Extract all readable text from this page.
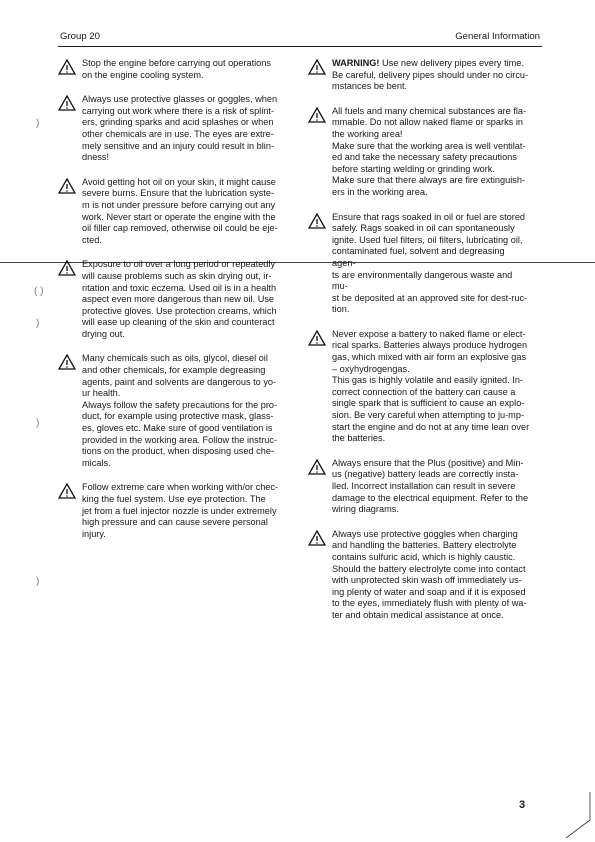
Group 20	General Information
Stop the engine before carrying out operations
on the engine cooling system.
Always use protective glasses or goggles, when
carrying out work where there is a risk of splint-
ers, grinding sparks and acid splashes or when
other chemicals are in use. The eyes are extre-
mely sensitive and an injury could result in blin-
dness!
Avoid getting hot oil on your skin, it might cause
severe burns. Ensure that the lubrication syste-
m is not under pressure before carrying out any
work. Never start or operate the engine with the
oil filler cap removed, otherwise oil could be eje-
cted.
Exposure to oil over a long period or repeatedly
will cause problems such as skin drying out, ir-
ritation and toxic eczema. Used oil is in a health
aspect even more dangerous than new oil. Use
protective gloves. Use protection creams, which
will ease up cleaning of the skin and counteract
drying out.
Many chemicals such as oils, glycol, diesel oil
and other chemicals, for example degreasing
agents, paint and solvents are dangerous to yo-
ur health.
Always follow the safety precautions for the pro-
duct, for example using protective mask, glass-
es, gloves etc. Make sure of good ventilation is
provided in the working area. Follow the instruc-
tions on the product, when disposing used che-
micals.
Follow extreme care when working with/or chec-
king the fuel system. Use eye protection. The
jet from a fuel injector nozzle is under extremely
high pressure and can cause severe personal
injury.
WARNING! Use new delivery pipes every time.
Be careful, delivery pipes should under no circu-
mstances be bent.
All fuels and many chemical substances are fla-
mmable. Do not allow naked flame or sparks in
the working area!
Make sure that the working area is well ventilat-
ed and take the necessary safety precautions
before starting welding or grinding work.
Make sure that there always are fire extinguish-
ers in the working area.
Ensure that rags soaked in oil or fuel are stored
safely. Rags soaked in oil can spontaneously
ignite. Used fuel filters, oil filters, lubricating oil,
contaminated fuel, solvent and degreasing agen-
ts are environmentally dangerous waste and mu-
st be deposited at an approved site for dest-ruc-
tion.
Never expose a battery to naked flame or elect-
rical sparks. Batteries always produce hydrogen
gas, which mixed with air form an explosive gas
– oxyhydrogengas.
This gas is highly volatile and easily ignited. In-
correct connection of the battery can cause a
single spark that is sufficient to cause an explo-
sion. Be very careful when attempting to ju-mp-
start the engine and do not at any time lean over
the batteries.
Always ensure that the Plus (positive) and Min-
us (negative) battery leads are correctly insta-
lled. Incorrect installation can result in severe
damage to the electrical equipment. Refer to the
wiring diagrams.
Always use protective goggles when charging
and handling the batteries. Battery electrolyte
contains sulfuric acid, which is highly caustic.
Should the battery electrolyte come into contact
with unprotected skin wash off immediately us-
ing plenty of water and soap and if it is exposed
to the eyes, immediately flush with plenty of wa-
ter and obtain medical assistance at once.
)
( )
)
)
)
3
